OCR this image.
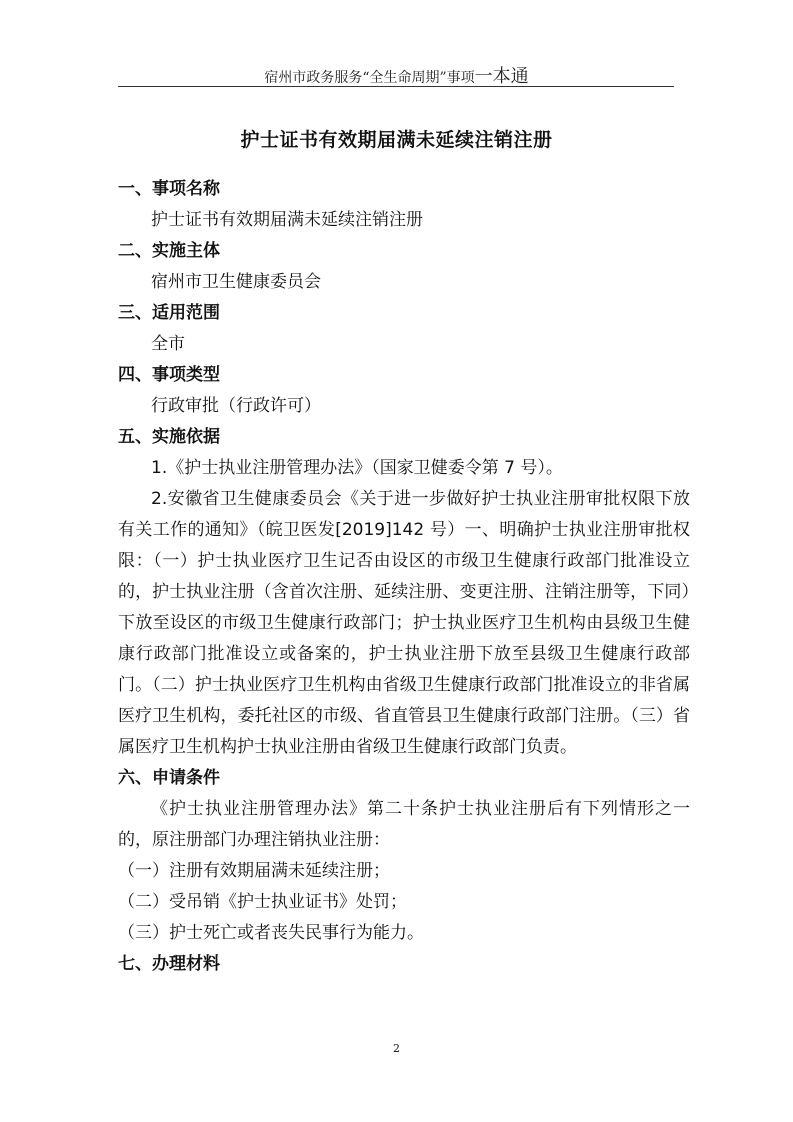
宿州市政务服务“全生命周期”事项一本通
护士证书有效期届满未延续注销注册
一、事项名称
护士证书有效期届满未延续注销注册
二、实施主体
宿州市卫生健康委员会
三、适用范围
全市
四、事项类型
行政审批（行政许可）
五、实施依据

1.《护士执业注册管理办法》（国家卫健委令第 7 号）。

2.安徽省卫生健康委员会《关于进一步做好护士执业注册审批权限下放有关工作的通知》（皖卫医发[2019]142 号）一、明确护士执业注册审批权限：（一）护士执业医疗卫生记否由设区的市级卫生健康行政部门批准设立的，护士执业注册（含首次注册、延续注册、变更注册、注销注册等，下同）下放至设区的市级卫生健康行政部门；护士执业医疗卫生机构由县级卫生健康行政部门批准设立或备案的，护士执业注册下放至县级卫生健康行政部门。（二）护士执业医疗卫生机构由省级卫生健康行政部门批准设立的非省属医疗卫生机构，委托社区的市级、省直管县卫生健康行政部门注册。（三）省属医疗卫生机构护士执业注册由省级卫生健康行政部门负责。

六、申请条件

《护士执业注册管理办法》第二十条护士执业注册后有下列情形之一的，原注册部门办理注销执业注册：

（一）注册有效期届满未延续注册；
（二）受吊销《护士执业证书》处罚；
（三）护士死亡或者丧失民事行为能力。
七、办理材料
2
